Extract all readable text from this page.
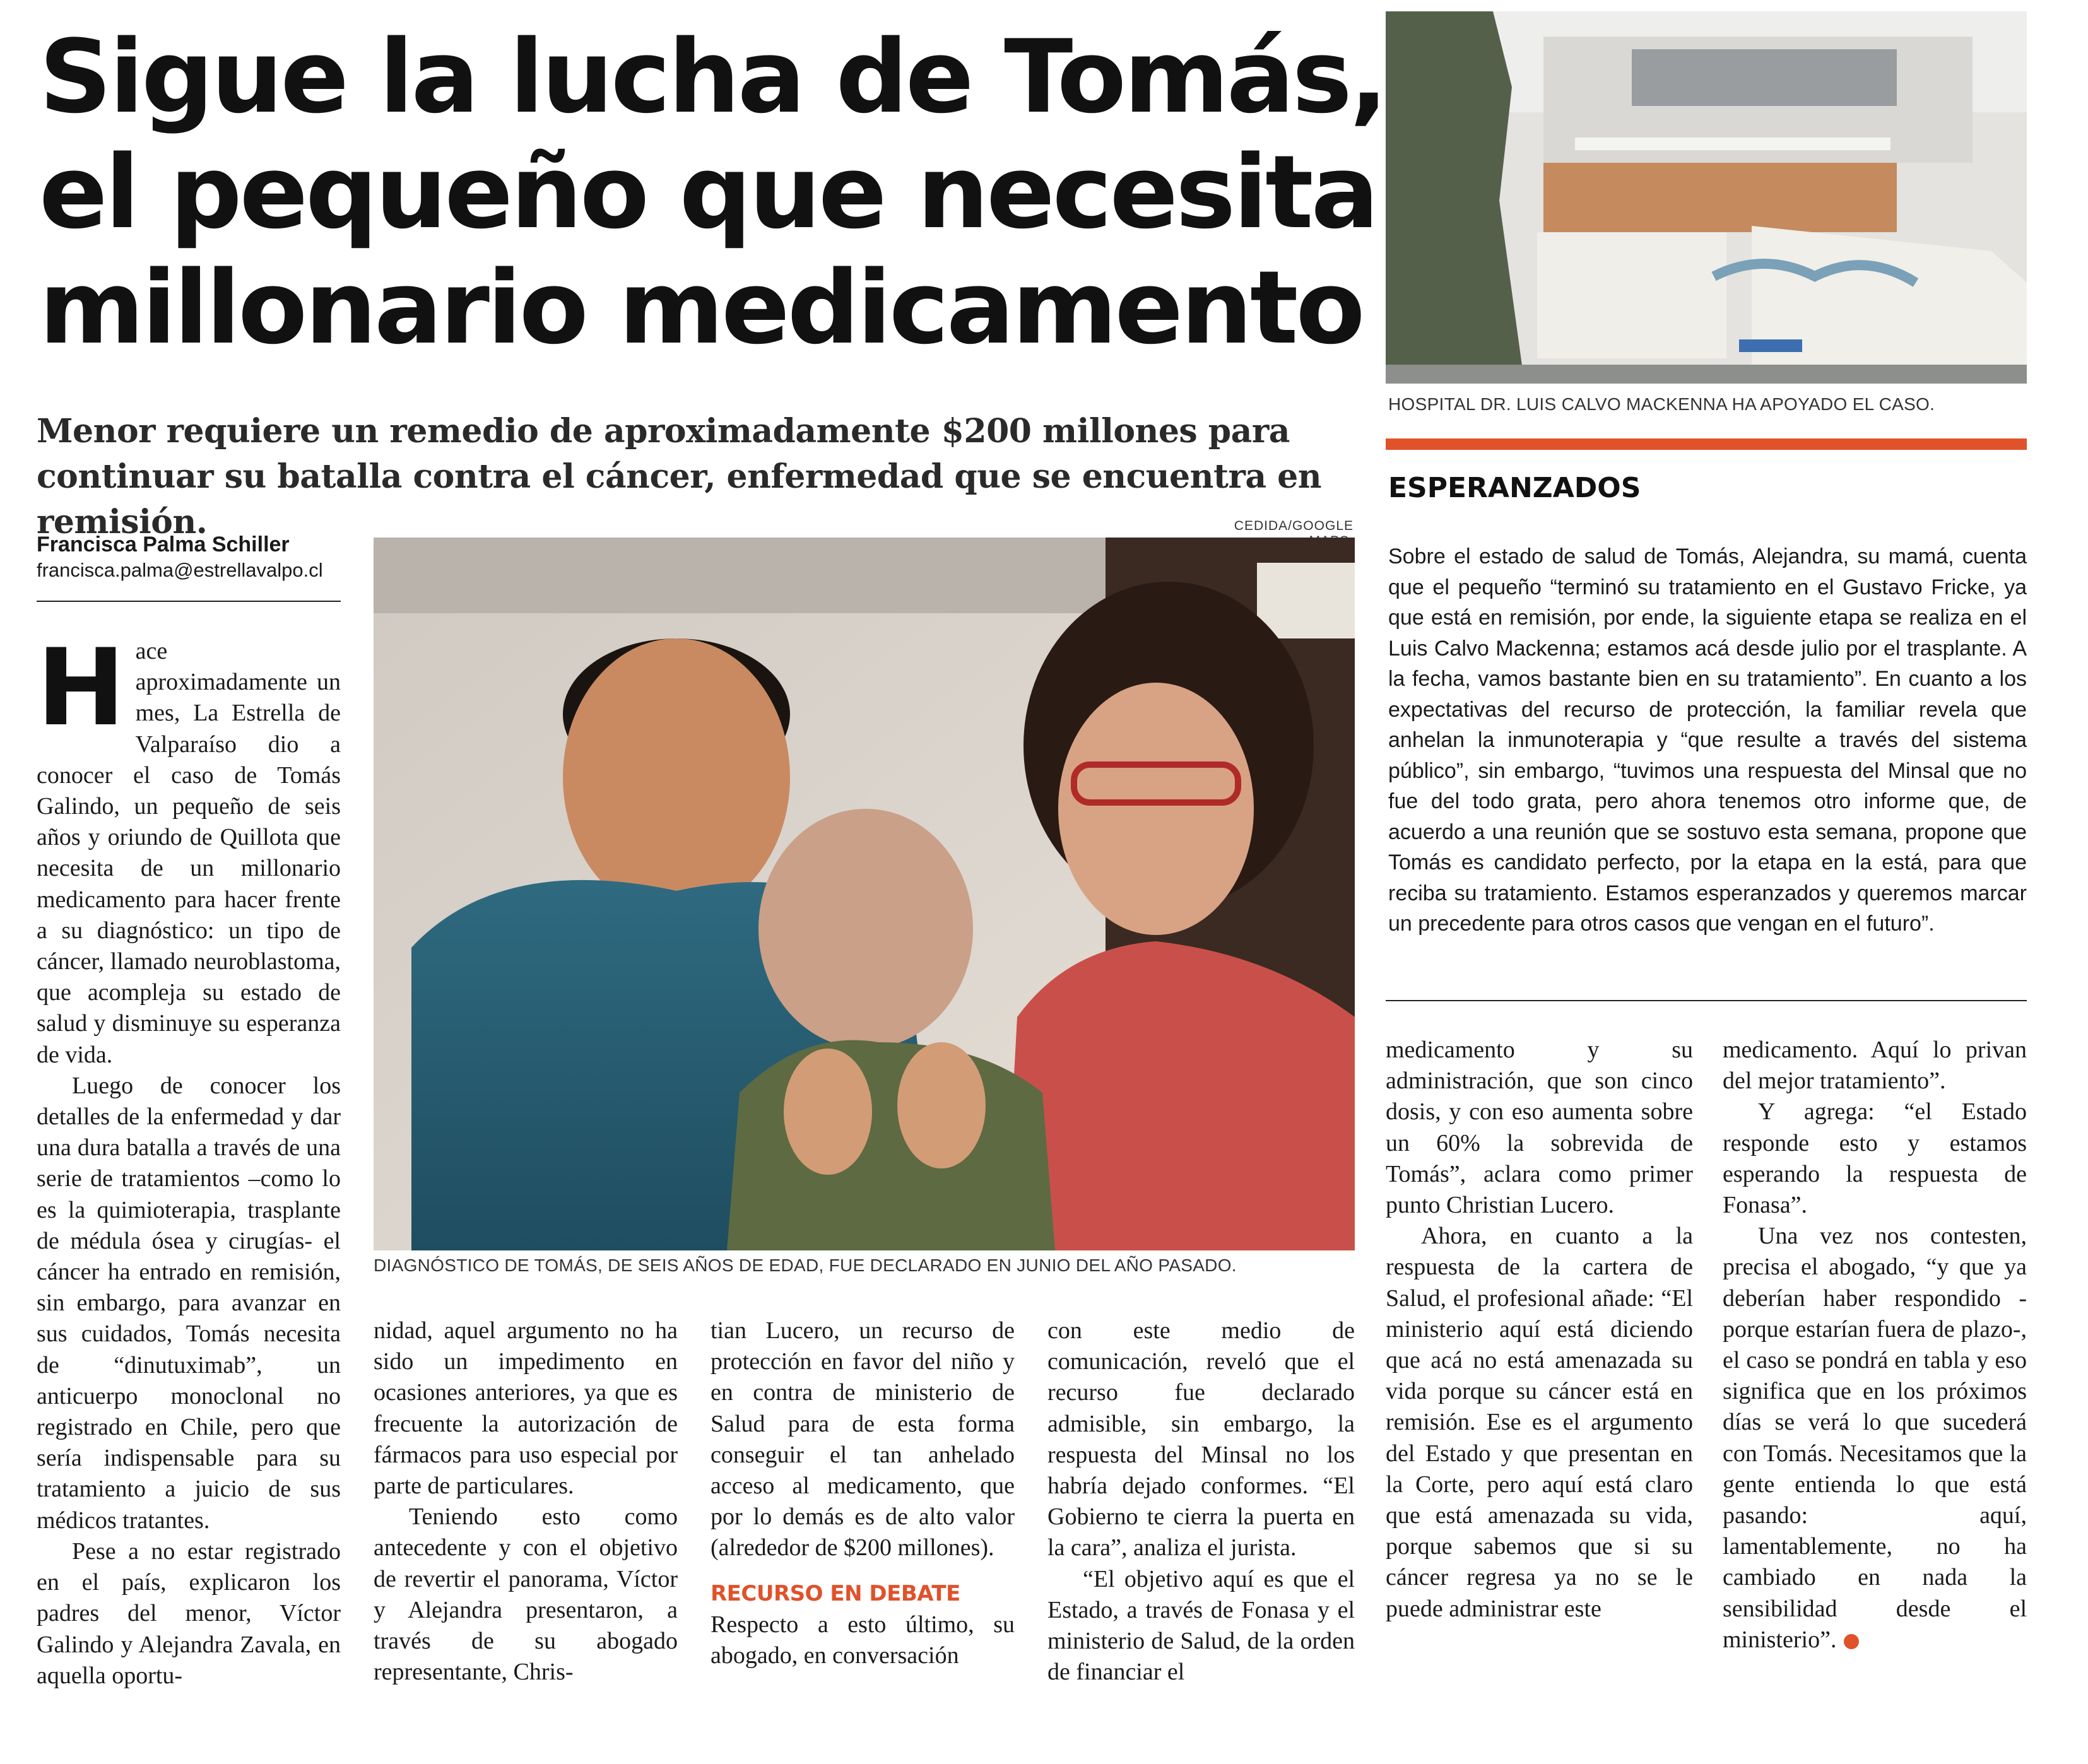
Sigue la lucha de Tomás, el pequeño que necesita millonario medicamento

Menor requiere un remedio de aproximadamente $200 millones para continuar su batalla contra el cáncer, enfermedad que se encuentra en remisión.

Francisca Palma Schiller
francisca.palma@estrellavalpo.cl

Hace aproximadamente un mes, La Estrella de Valparaíso dio a conocer el caso de Tomás Galindo, un pequeño de seis años y oriundo de Quillota que necesita de un millonario medicamento para hacer frente a su diagnóstico: un tipo de cáncer, llamado neuroblastoma, que acompleja su estado de salud y disminuye su esperanza de vida.

Luego de conocer los detalles de la enfermedad y dar una dura batalla a través de una serie de tratamientos –como lo es la quimioterapia, trasplante de médula ósea y cirugías- el cáncer ha entrado en remisión, sin embargo, para avanzar en sus cuidados, Tomás necesita de “dinutuximab”, un anticuerpo monoclonal no registrado en Chile, pero que sería indispensable para su tratamiento a juicio de sus médicos tratantes.

Pese a no estar registrado en el país, explicaron los padres del menor, Víctor Galindo y Alejandra Zavala, en aquella oportu-

CEDIDA/GOOGLE
DIAGNÓSTICO DE TOMÁS, DE SEIS AÑOS DE EDAD, FUE DECLARADO EN JUNIO DEL AÑO PASADO.

nidad, aquel argumento no ha sido un impedimento en ocasiones anteriores, ya que es frecuente la autorización de fármacos para uso especial por parte de particulares.

Teniendo esto como antecedente y con el objetivo de revertir el panorama, Víctor y Alejandra presentaron, a través de su abogado representante, Chris-

tian Lucero, un recurso de protección en favor del niño y en contra de ministerio de Salud para de esta forma conseguir el tan anhelado acceso al medicamento, que por lo demás es de alto valor (alrededor de $200 millones).

RECURSO EN DEBATE

Respecto a esto último, su abogado, en conversación

con este medio de comunicación, reveló que el recurso fue declarado admisible, sin embargo, la respuesta del Minsal no los habría dejado conformes. “El Gobierno te cierra la puerta en la cara”, analiza el jurista.

“El objetivo aquí es que el Estado, a través de Fonasa y el ministerio de Salud, de la orden de financiar el

HOSPITAL DR. LUIS CALVO MACKENNA HA APOYADO EL CASO.
ESPERANZADOS
Sobre el estado de salud de Tomás, Alejandra, su mamá, cuenta que el pequeño “terminó su tratamiento en el Gustavo Fricke, ya que está en remisión, por ende, la siguiente etapa se realiza en el Luis Calvo Mackenna; estamos acá desde julio por el trasplante. A la fecha, vamos bastante bien en su tratamiento”. En cuanto a los expectativas del recurso de protección, la familiar revela que anhelan la inmunoterapia y “que resulte a través del sistema público”, sin embargo, “tuvimos una respuesta del Minsal que no fue del todo grata, pero ahora tenemos otro informe que, de acuerdo a una reunión que se sostuvo esta semana, propone que Tomás es candidato perfecto, por la etapa en la está, para que reciba su tratamiento. Estamos esperanzados y queremos marcar un precedente para otros casos que vengan en el futuro”.

medicamento y su administración, que son cinco dosis, y con eso aumenta sobre un 60% la sobrevida de Tomás”, aclara como primer punto Christian Lucero.

Ahora, en cuanto a la respuesta de la cartera de Salud, el profesional añade: “El ministerio aquí está diciendo que acá no está amenazada su vida porque su cáncer está en remisión. Ese es el argumento del Estado y que presentan en la Corte, pero aquí está claro que está amenazada su vida, porque sabemos que si su cáncer regresa ya no se le puede administrar este

medicamento. Aquí lo privan del mejor tratamiento”.

Y agrega: “el Estado responde esto y estamos esperando la respuesta de Fonasa”.

Una vez nos contesten, precisa el abogado, “y que ya deberían haber respondido -porque estarían fuera de plazo-, el caso se pondrá en tabla y eso significa que en los próximos días se verá lo que sucederá con Tomás. Necesitamos que la gente entienda lo que está pasando: aquí, lamentablemente, no ha cambiado en nada la sensibilidad desde el ministerio”.
